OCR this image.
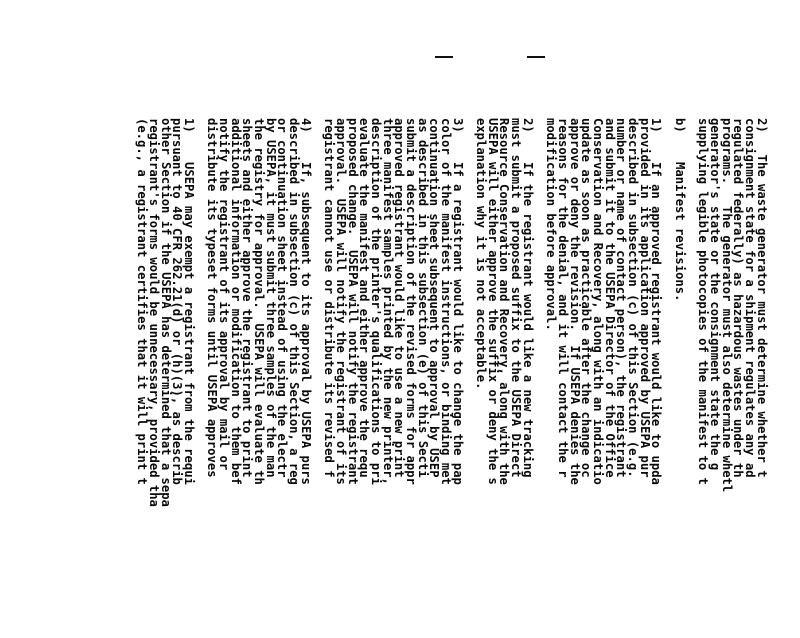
2)   The waste generator must determine whether t
consignment state for a shipment regulates any ad
regulated federally) as hazardous wastes under th
programs.   The generator must also determine whetl
generator's state or the consignment state the g
supplying legible photocopies of the manifest to t
b)    Manifest revisions.
1)    If an approved registrant would like to upda
provided in its application approved by USEPA pur
described in subsection (c) of this Section (e.g.
number or name of contact person), the registrant
and submit it to the USEPA Director of the Office
Conservation and Recovery, along with an indicatio
update as soon as practicable after the change oc
approve or deny the revision.  If USEPA denies the
reasons for the denial, and it will contact the r
modification before approval.
2)    If the registrant would like a new tracking
must submit a proposed suffix to the USEPA Direct
Resource Conservation and Recovery, along with the
USEPA will either approve the suffix or deny the s
explanation why it is not acceptable.
3)    If a registrant would like to change the pap
color of the manifest instructions, or binding met
continuation sheet subsequent to approval by USEP
as described in this subsection (e) of this Secti
submit a description of the revised forms for appr
approved registrant would like to use a new print
three manifest samples printed by the new printer,
description of the printer's qualifications to pri
evaluate the manifest and either approve the requ
proposed change.  USEPA will notify the registrant
approval.  USEPA will notify the registrant of its
registrant cannot use or distribute its revised f
4)    If, subsequent to its approval by USEPA purs
described in subsection (c) of this Section, a reg
or continuation sheet instead of using the electr
by USEPA, it must submit three samples of the man
the registry for approval.  USEPA will evaluate th
sheets and either approve the registrant to print
additional information or modification to them bef
notify the registrant of its approval by mail or
distribute its typeset forms until USEPA approves
1)    USEPA may exempt a registrant from the requi
pursuant to 40 CFR 262.21(d) or (h)(3), as describ
other Section if the USEPA has determined that a sepa
registrant's forms would be unnecessary, provided tha
(e.g., a registrant certifies that it will print t
